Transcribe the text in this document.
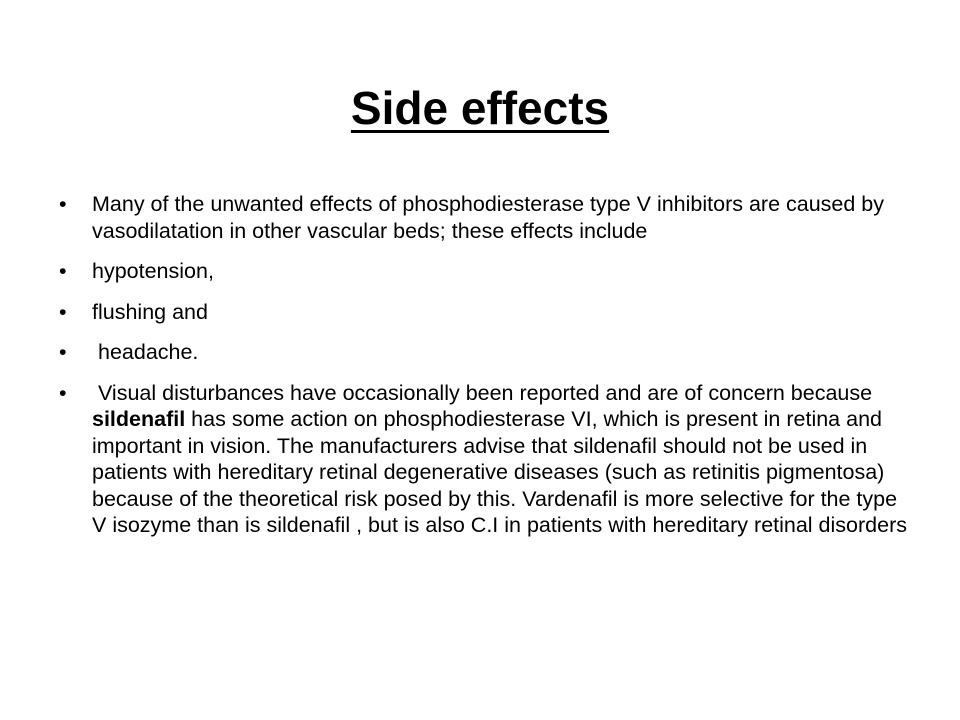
Side effects
• Many of the unwanted effects of phosphodiesterase type V inhibitors are caused by vasodilatation in other vascular beds; these effects include
• hypotension,
• flushing and
• headache.
• Visual disturbances have occasionally been reported and are of concern because sildenafil has some action on phosphodiesterase VI, which is present in retina and important in vision. The manufacturers advise that sildenafil should not be used in patients with hereditary retinal degenerative diseases (such as retinitis pigmentosa) because of the theoretical risk posed by this. Vardenafil is more selective for the type V isozyme than is sildenafil , but is also C.I in patients with hereditary retinal disorders
